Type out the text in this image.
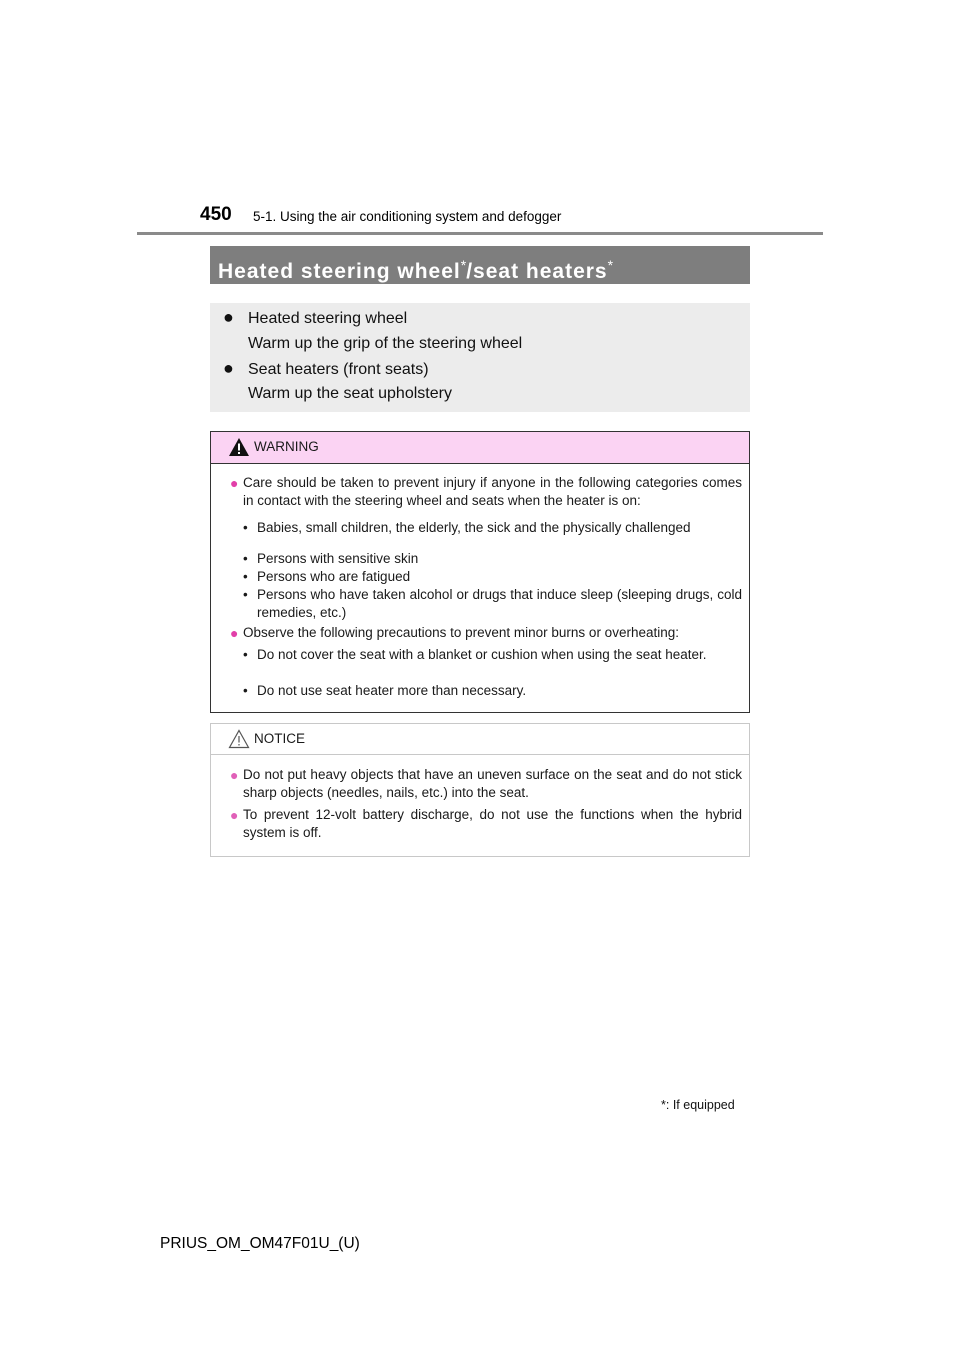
450 5-1. Using the air conditioning system and defogger
Heated steering wheel*/seat heaters*
● Heated steering wheel
Warm up the grip of the steering wheel
● Seat heaters (front seats)
Warm up the seat upholstery
WARNING
● Care should be taken to prevent injury if anyone in the following categories comes in contact with the steering wheel and seats when the heater is on:
• Babies, small children, the elderly, the sick and the physically challenged
• Persons with sensitive skin
• Persons who are fatigued
• Persons who have taken alcohol or drugs that induce sleep (sleeping drugs, cold remedies, etc.)
● Observe the following precautions to prevent minor burns or overheating:
• Do not cover the seat with a blanket or cushion when using the seat heater.
• Do not use seat heater more than necessary.
NOTICE
● Do not put heavy objects that have an uneven surface on the seat and do not stick sharp objects (needles, nails, etc.) into the seat.
● To prevent 12-volt battery discharge, do not use the functions when the hybrid system is off.
*: If equipped
PRIUS_OM_OM47F01U_(U)
